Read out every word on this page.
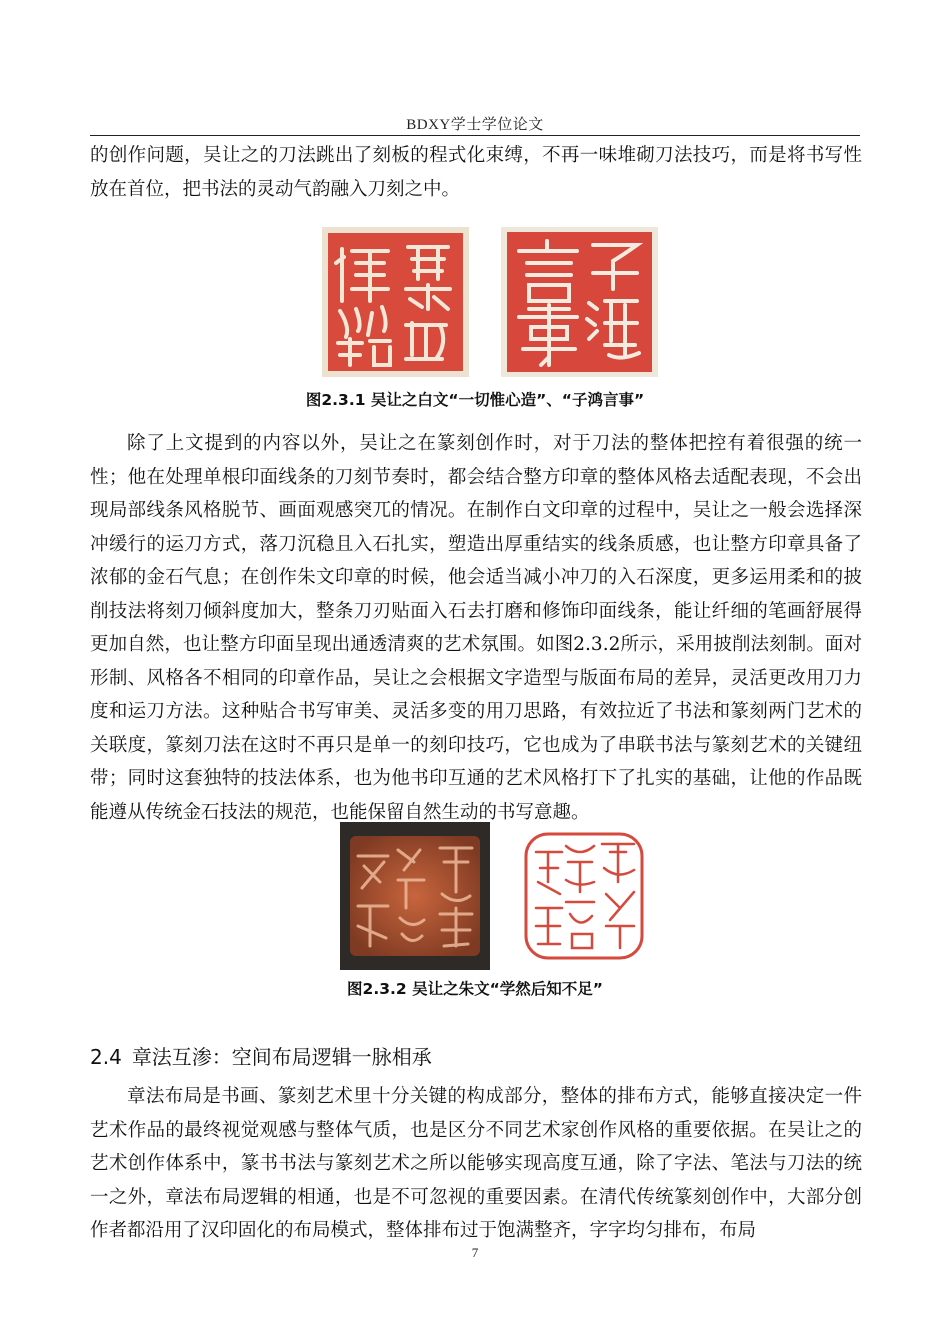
BDXY学士学位论文

的创作问题，吴让之的刀法跳出了刻板的程式化束缚，不再一味堆砌刀法技巧，而是将书写性放在首位，把书法的灵动气韵融入刀刻之中。

图2.3.1 吴让之白文“一切惟心造”、“子鸿言事”

除了上文提到的内容以外，吴让之在篆刻创作时，对于刀法的整体把控有着很强的统一性；他在处理单根印面线条的刀刻节奏时，都会结合整方印章的整体风格去适配表现，不会出现局部线条风格脱节、画面观感突兀的情况。在制作白文印章的过程中，吴让之一般会选择深冲缓行的运刀方式，落刀沉稳且入石扎实，塑造出厚重结实的线条质感，也让整方印章具备了浓郁的金石气息；在创作朱文印章的时候，他会适当减小冲刀的入石深度，更多运用柔和的披削技法将刻刀倾斜度加大，整条刀刃贴面入石去打磨和修饰印面线条，能让纤细的笔画舒展得更加自然，也让整方印面呈现出通透清爽的艺术氛围。如图2.3.2所示，采用披削法刻制。面对形制、风格各不相同的印章作品，吴让之会根据文字造型与版面布局的差异，灵活更改用刀力度和运刀方法。这种贴合书写审美、灵活多变的用刀思路，有效拉近了书法和篆刻两门艺术的关联度，篆刻刀法在这时不再只是单一的刻印技巧，它也成为了串联书法与篆刻艺术的关键纽带；同时这套独特的技法体系，也为他书印互通的艺术风格打下了扎实的基础，让他的作品既能遵从传统金石技法的规范，也能保留自然生动的书写意趣。

图2.3.2 吴让之朱文“学然后知不足”
2.4 章法互渗：空间布局逻辑一脉相承

章法布局是书画、篆刻艺术里十分关键的构成部分，整体的排布方式，能够直接决定一件艺术作品的最终视觉观感与整体气质，也是区分不同艺术家创作风格的重要依据。在吴让之的艺术创作体系中，篆书书法与篆刻艺术之所以能够实现高度互通，除了字法、笔法与刀法的统一之外，章法布局逻辑的相通，也是不可忽视的重要因素。在清代传统篆刻创作中，大部分创作者都沿用了汉印固化的布局模式，整体排布过于饱满整齐，字字均匀排布，布局

7
